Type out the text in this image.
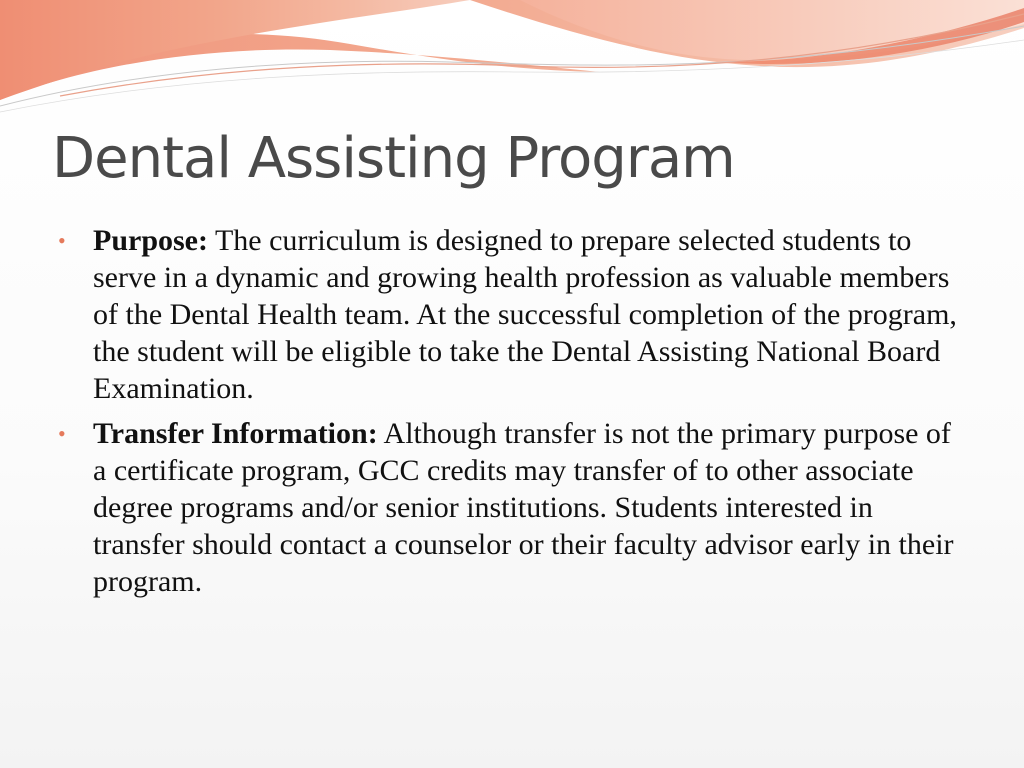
Dental Assisting Program
• Purpose: The curriculum is designed to prepare selected students to serve in a dynamic and growing health profession as valuable members of the Dental Health team. At the successful completion of the program, the student will be eligible to take the Dental Assisting National Board Examination.
• Transfer Information: Although transfer is not the primary purpose of a certificate program, GCC credits may transfer of to other associate degree programs and/or senior institutions. Students interested in transfer should contact a counselor or their faculty advisor early in their program.
